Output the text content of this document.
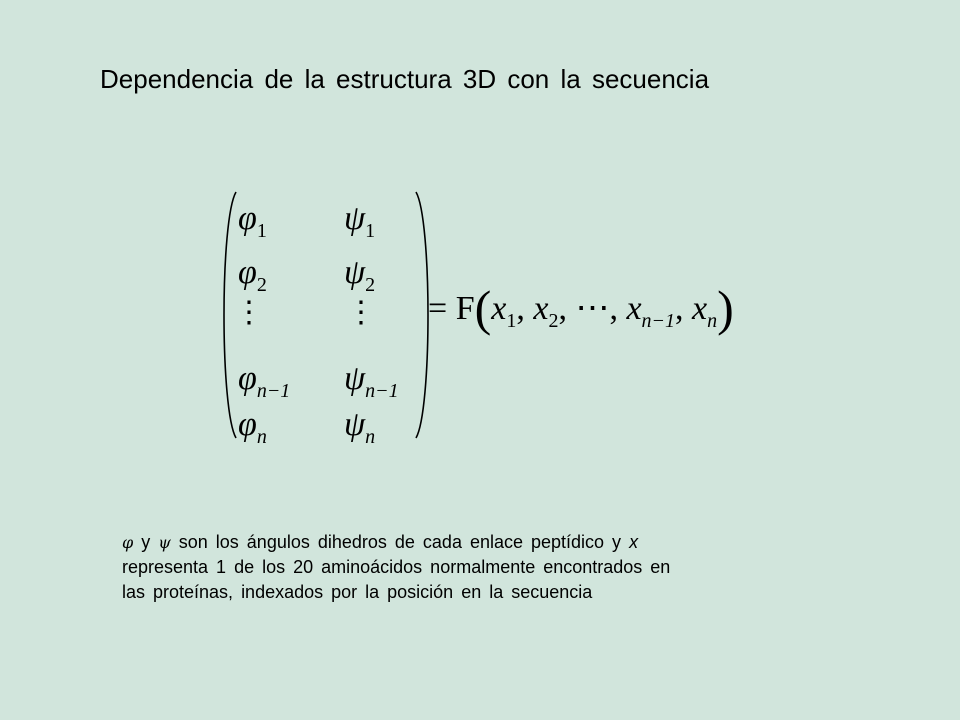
Dependencia de la estructura 3D con la secuencia
$\varphi_1$ $\psi_1$
$\varphi_2$ $\psi_2$
⋮	⋮
$\varphi_{n-1}$ $\psi_{n-1}$
$\varphi_n$ $\psi_n$
= $F(x_1$, $x_2$, ⋯, $x_{n-1}$, $x_n$)
φ y ψ son los ángulos dihedros de cada enlace peptídico y x
representa 1 de los 20 aminoácidos normalmente encontrados en
las proteínas, indexados por la posición en la secuencia
